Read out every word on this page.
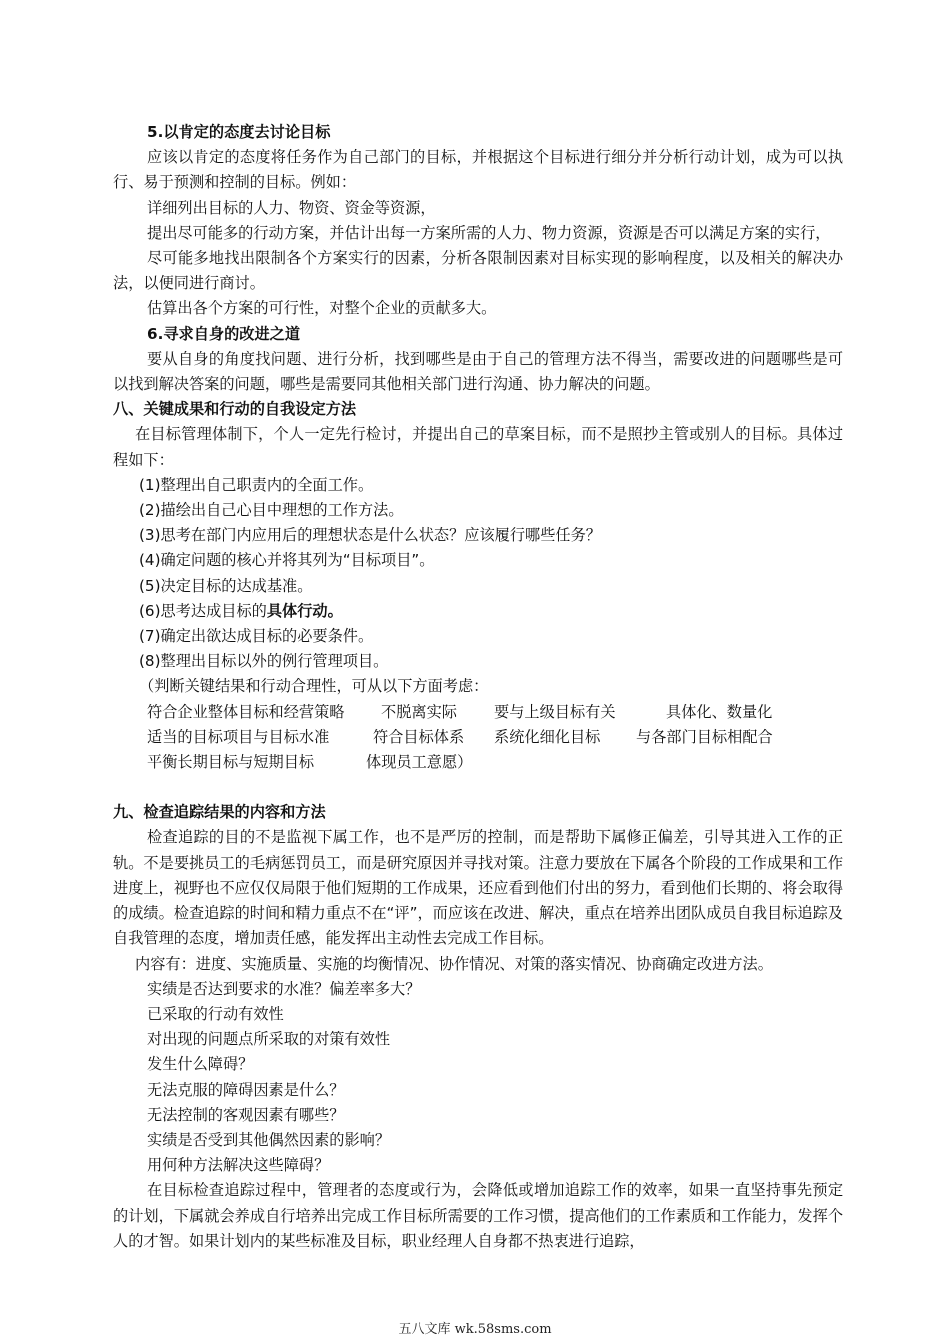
5.以肯定的态度去讨论目标

应该以肯定的态度将任务作为自己部门的目标，并根据这个目标进行细分并分析行动计划，成为可以执行、易于预测和控制的目标。例如：

详细列出目标的人力、物资、资金等资源，

提出尽可能多的行动方案，并估计出每一方案所需的人力、物力资源，资源是否可以满足方案的实行，

尽可能多地找出限制各个方案实行的因素，分析各限制因素对目标实现的影响程度，以及相关的解决办法，以便同进行商讨。

估算出各个方案的可行性，对整个企业的贡献多大。

6.寻求自身的改进之道

要从自身的角度找问题、进行分析，找到哪些是由于自己的管理方法不得当，需要改进的问题哪些是可以找到解决答案的问题，哪些是需要同其他相关部门进行沟通、协力解决的问题。

八、关键成果和行动的自我设定方法

在目标管理体制下，个人一定先行检讨，并提出自己的草案目标，而不是照抄主管或别人的目标。具体过程如下：

(1)整理出自己职责内的全面工作。

(2)描绘出自己心目中理想的工作方法。

(3)思考在部门内应用后的理想状态是什么状态？应该履行哪些任务？

(4)确定问题的核心并将其列为“目标项目”。

(5)决定目标的达成基准。

(6)思考达成目标的具体行动。

(7)确定出欲达成目标的必要条件。

(8)整理出目标以外的例行管理项目。

（判断关键结果和行动合理性，可从以下方面考虑：

符合企业整体目标和经营策略 不脱离实际 要与上级目标有关	具体化、数量化

适当的目标项目与目标水准	符合目标体系 系统化细化目标 与各部门目标相配合

平衡长期目标与短期目标	体现员工意愿）

九、检查追踪结果的内容和方法

检查追踪的目的不是监视下属工作，也不是严厉的控制，而是帮助下属修正偏差，引导其进入工作的正轨。不是要挑员工的毛病惩罚员工，而是研究原因并寻找对策。注意力要放在下属各个阶段的工作成果和工作进度上，视野也不应仅仅局限于他们短期的工作成果，还应看到他们付出的努力，看到他们长期的、将会取得的成绩。检查追踪的时间和精力重点不在“评”，而应该在改进、解决，重点在培养出团队成员自我目标追踪及自我管理的态度，增加责任感，能发挥出主动性去完成工作目标。

内容有：进度、实施质量、实施的均衡情况、协作情况、对策的落实情况、协商确定改进方法。

实绩是否达到要求的水准？偏差率多大？

已采取的行动有效性

对出现的问题点所采取的对策有效性

发生什么障碍？

无法克服的障碍因素是什么？

无法控制的客观因素有哪些？

实绩是否受到其他偶然因素的影响？

用何种方法解决这些障碍？

在目标检查追踪过程中，管理者的态度或行为，会降低或增加追踪工作的效率，如果一直坚持事先预定的计划，下属就会养成自行培养出完成工作目标所需要的工作习惯，提高他们的工作素质和工作能力，发挥个人的才智。如果计划内的某些标准及目标，职业经理人自身都不热衷进行追踪，

五八文库 wk.58sms.com
